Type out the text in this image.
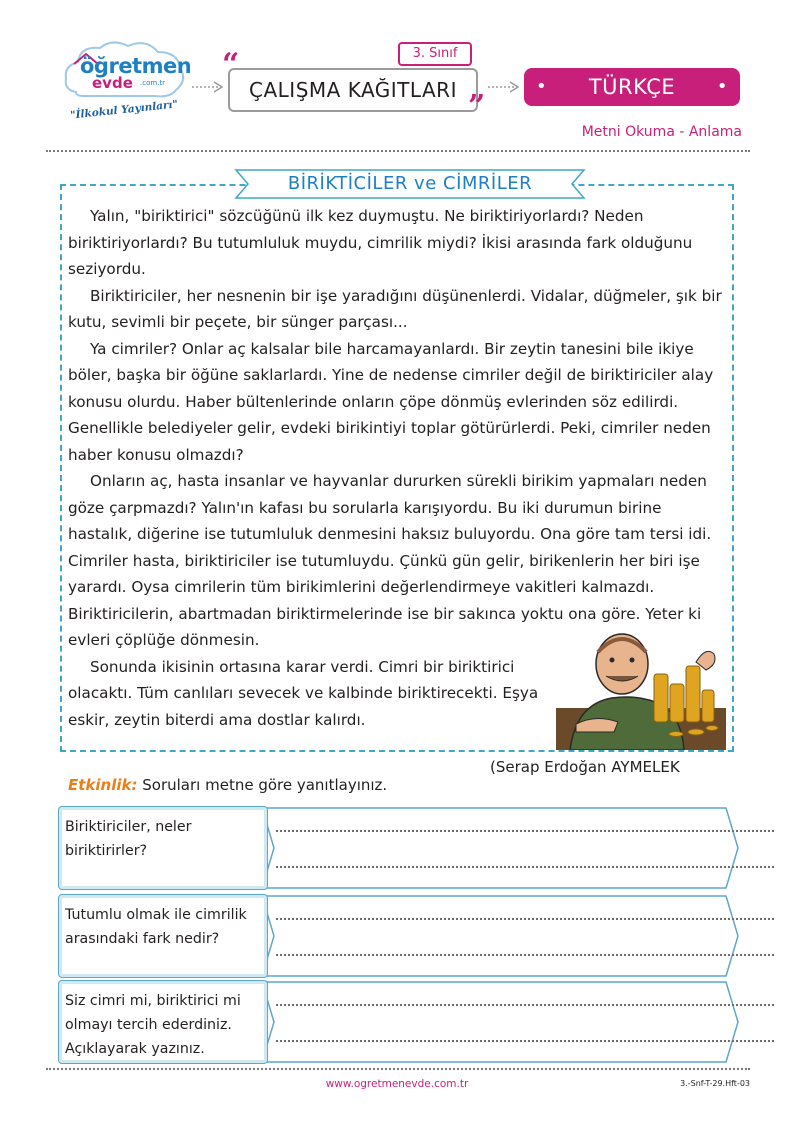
öğretmen
evde .com.tr
"İlkokul Yayınları"
“	3. Sınıf
ÇALIŞMA KAĞITLARI ”
• TÜRKÇE •
Metni Okuma - Anlama
BİRİKTİCİLER ve CİMRİLER

Yalın, "biriktirici" sözcüğünü ilk kez duymuştu. Ne biriktiriyorlardı? Neden biriktiriyorlardı? Bu tutumluluk muydu, cimrilik miydi? İkisi arasında fark olduğunu seziyordu.

Biriktiriciler, her nesnenin bir işe yaradığını düşünenlerdi. Vidalar, düğmeler, şık bir kutu, sevimli bir peçete, bir sünger parçası...

Ya cimriler? Onlar aç kalsalar bile harcamayanlardı. Bir zeytin tanesini bile ikiye böler, başka bir öğüne saklarlardı. Yine de nedense cimriler değil de biriktiriciler alay konusu olurdu. Haber bültenlerinde onların çöpe dönmüş evlerinden söz edilirdi. Genellikle belediyeler gelir, evdeki birikintiyi toplar götürürlerdi. Peki, cimriler neden haber konusu olmazdı?

Onların aç, hasta insanlar ve hayvanlar dururken sürekli birikim yapmaları neden göze çarpmazdı? Yalın'ın kafası bu sorularla karışıyordu. Bu iki durumun birine hastalık, diğerine ise tutumluluk denmesini haksız buluyordu. Ona göre tam tersi idi. Cimriler hasta, biriktiriciler ise tutumluydu. Çünkü gün gelir, birikenlerin her biri işe yarardı. Oysa cimrilerin tüm birikimlerini değerlendirmeye vakitleri kalmazdı. Biriktiricilerin, abartmadan biriktirmelerinde ise bir sakınca yoktu ona göre. Yeter ki evleri çöplüğe dönmesin.

Sonunda ikisinin ortasına karar verdi. Cimri bir biriktirici olacaktı. Tüm canlıları sevecek ve kalbinde biriktirecekti. Eşya eskir, zeytin biterdi ama dostlar kalırdı.

(Serap Erdoğan AYMELEK
Etkinlik: Soruları metne göre yanıtlayınız.
Biriktiriciler, neler biriktirirler?
Tutumlu olmak ile cimrilik arasındaki fark nedir?
Siz cimri mi, biriktirici mi olmayı tercih ederdiniz. Açıklayarak yazınız.
www.ogretmenevde.com.tr	3.-Snf-T-29.Hft-03
